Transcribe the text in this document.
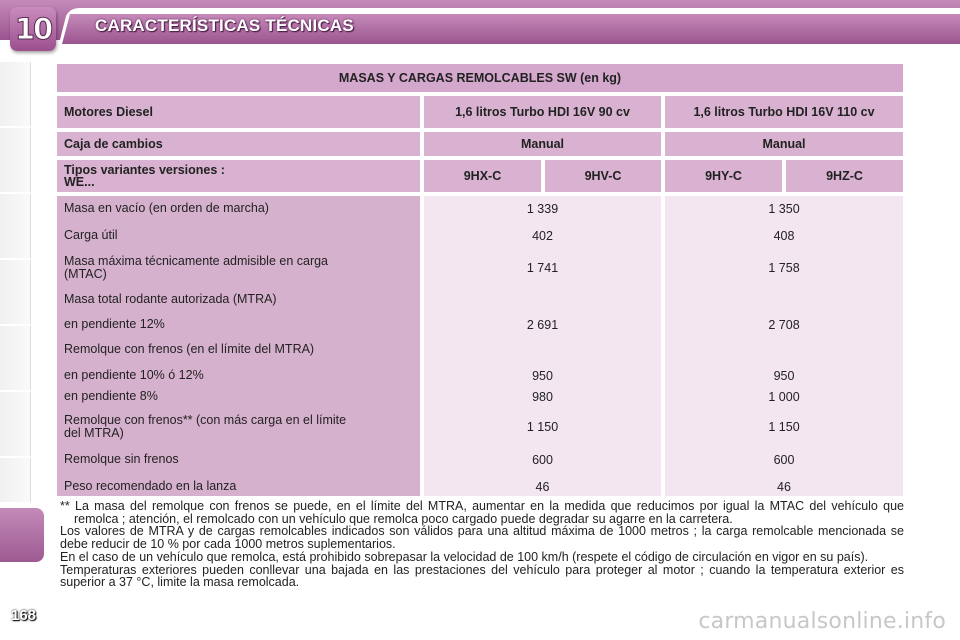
10	CARACTERÍSTICAS TÉCNICAS
168
MASAS Y CARGAS REMOLCABLES SW (en kg)
Motores Diesel	1,6 litros Turbo HDI 16V 90 cv	1,6 litros Turbo HDI 16V 110 cv
Caja de cambios	Manual	Manual
Tipos variantes versiones :
WE...	9HX-C	9HV-C	9HY-C	9HZ-C
Masa en vacío (en orden de marcha)	1 339	1 350
Carga útil	402	408
Masa máxima técnicamente admisible en carga
(MTAC)	1 741	1 758
Masa total rodante autorizada (MTRA)
en pendiente 12%	2 691	2 708
Remolque con frenos (en el límite del MTRA)
en pendiente 10% ó 12%	950	950
en pendiente 8%	980	1 000
Remolque con frenos** (con más carga en el límite
del MTRA)	1 150	1 150
Remolque sin frenos	600	600
Peso recomendado en la lanza	46	46

** La masa del remolque con frenos se puede, en el límite del MTRA, aumentar en la medida que reducimos por igual la MTAC del vehículo que remolca ; atención, el remolcado con un vehículo que remolca poco cargado puede degradar su agarre en la carretera.

Los valores de MTRA y de cargas remolcables indicados son válidos para una altitud máxima de 1000 metros ; la carga remolcable mencionada se debe reducir de 10 % por cada 1000 metros suplementarios.

En el caso de un vehículo que remolca, está prohibido sobrepasar la velocidad de 100 km/h (respete el código de circulación en vigor en su país).

Temperaturas exteriores pueden conllevar una bajada en las prestaciones del vehículo para proteger al motor ; cuando la temperatura exterior es superior a 37 °C, limite la masa remolcada.

carmanualsonline.info
